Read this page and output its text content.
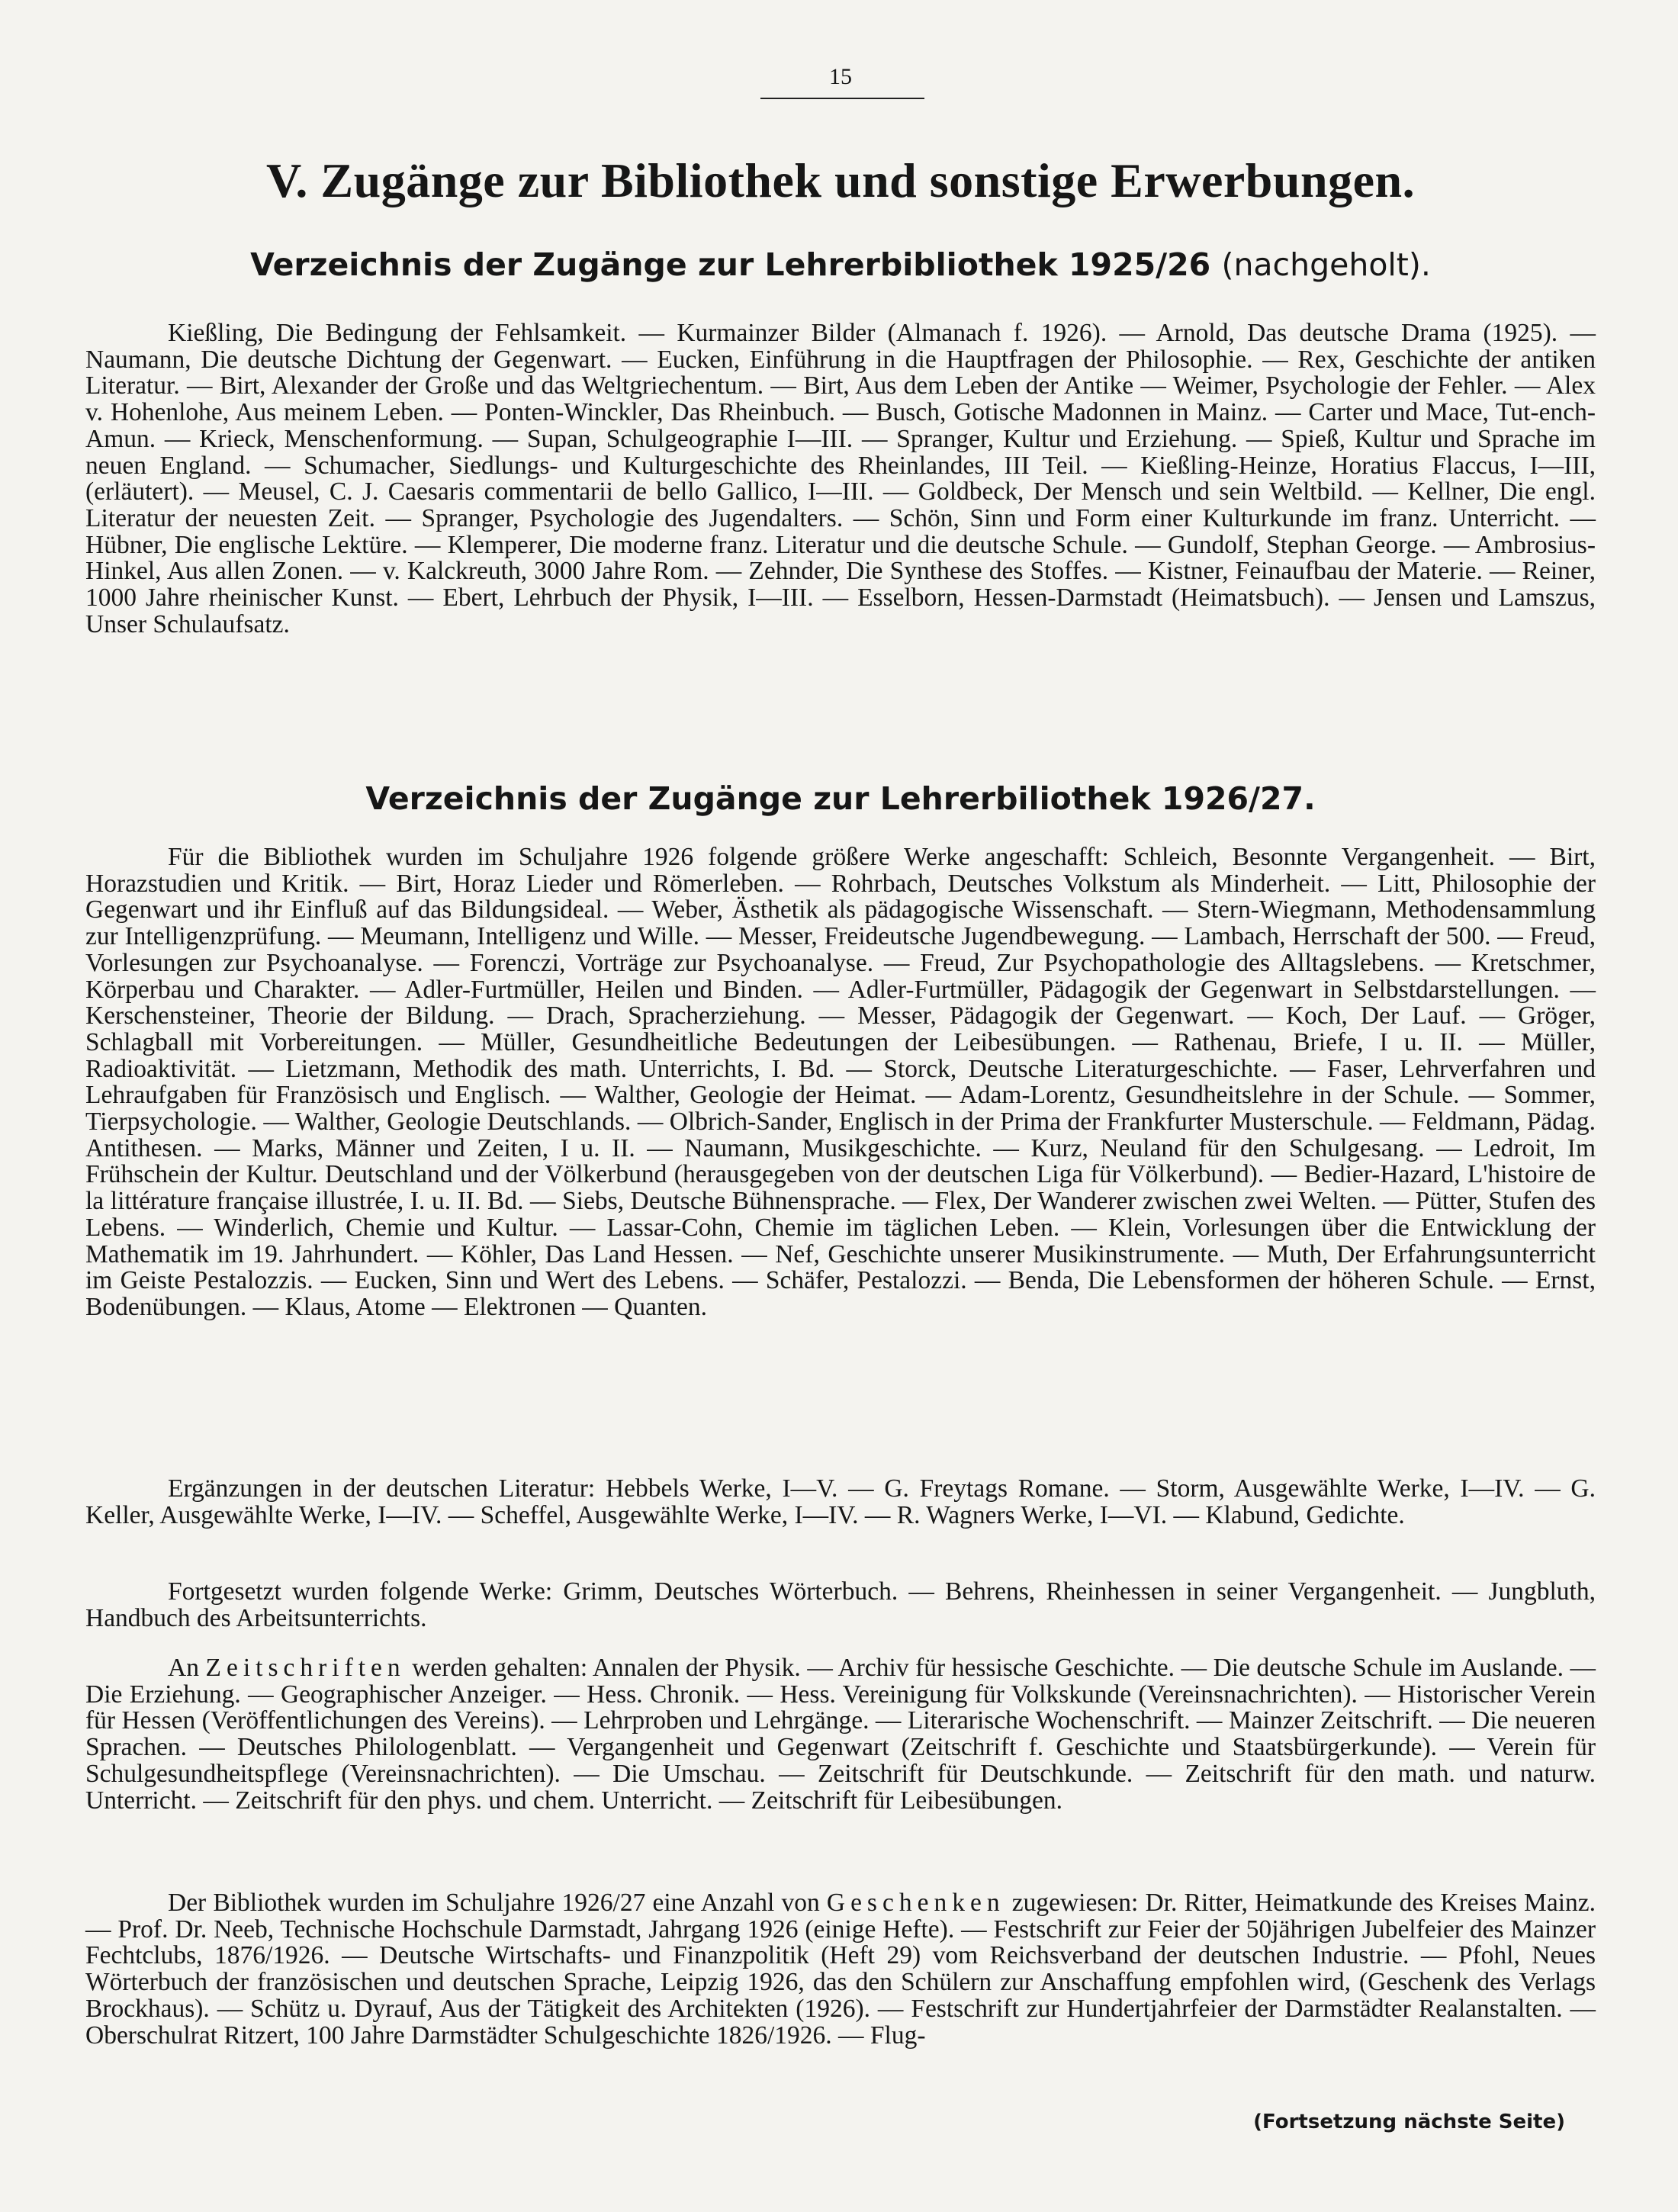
15
V. Zugänge zur Bibliothek und sonstige Erwerbungen.
Verzeichnis der Zugänge zur Lehrerbibliothek 1925/26 (nachgeholt).
Kießling, Die Bedingung der Fehlsamkeit. — Kurmainzer Bilder (Almanach f. 1926). — Arnold, Das deutsche Drama (1925). — Naumann, Die deutsche Dichtung der Gegenwart. — Eucken, Einführung in die Hauptfragen der Philosophie. — Rex, Geschichte der antiken Literatur. — Birt, Alexander der Große und das Weltgriechentum. — Birt, Aus dem Leben der Antike — Weimer, Psychologie der Fehler. — Alex v. Hohenlohe, Aus meinem Leben. — Ponten-Winckler, Das Rheinbuch. — Busch, Gotische Madonnen in Mainz. — Carter und Mace, Tut-ench-Amun. — Krieck, Menschenformung. — Supan, Schulgeographie I—III. — Spranger, Kultur und Erziehung. — Spieß, Kultur und Sprache im neuen England. — Schumacher, Siedlungs- und Kulturgeschichte des Rheinlandes, III Teil. — Kießling-Heinze, Horatius Flaccus, I—III, (erläutert). — Meusel, C. J. Caesaris commentarii de bello Gallico, I—III. — Goldbeck, Der Mensch und sein Weltbild. — Kellner, Die engl. Literatur der neuesten Zeit. — Spranger, Psychologie des Jugendalters. — Schön, Sinn und Form einer Kulturkunde im franz. Unterricht. — Hübner, Die englische Lektüre. — Klemperer, Die moderne franz. Literatur und die deutsche Schule. — Gundolf, Stephan George. — Ambrosius-Hinkel, Aus allen Zonen. — v. Kalckreuth, 3000 Jahre Rom. — Zehnder, Die Synthese des Stoffes. — Kistner, Feinaufbau der Materie. — Reiner, 1000 Jahre rheinischer Kunst. — Ebert, Lehrbuch der Physik, I—III. — Esselborn, Hessen-Darmstadt (Heimatsbuch). — Jensen und Lamszus, Unser Schulaufsatz.
Verzeichnis der Zugänge zur Lehrerbiliothek 1926/27.
Für die Bibliothek wurden im Schuljahre 1926 folgende größere Werke angeschafft: Schleich, Besonnte Vergangenheit. — Birt, Horazstudien und Kritik. — Birt, Horaz Lieder und Römerleben. — Rohrbach, Deutsches Volkstum als Minderheit. — Litt, Philosophie der Gegenwart und ihr Einfluß auf das Bildungsideal. — Weber, Ästhetik als pädagogische Wissenschaft. — Stern-Wiegmann, Methodensammlung zur Intelligenzprüfung. — Meumann, Intelligenz und Wille. — Messer, Freideutsche Jugendbewegung. — Lambach, Herrschaft der 500. — Freud, Vorlesungen zur Psychoanalyse. — Forenczi, Vorträge zur Psychoanalyse. — Freud, Zur Psychopathologie des Alltagslebens. — Kretschmer, Körperbau und Charakter. — Adler-Furtmüller, Heilen und Binden. — Adler-Furtmüller, Pädagogik der Gegenwart in Selbstdarstellungen. — Kerschensteiner, Theorie der Bildung. — Drach, Spracherziehung. — Messer, Pädagogik der Gegenwart. — Koch, Der Lauf. — Gröger, Schlagball mit Vorbereitungen. — Müller, Gesundheitliche Bedeutungen der Leibesübungen. — Rathenau, Briefe, I u. II. — Müller, Radioaktivität. — Lietzmann, Methodik des math. Unterrichts, I. Bd. — Storck, Deutsche Literaturgeschichte. — Faser, Lehrverfahren und Lehraufgaben für Französisch und Englisch. — Walther, Geologie der Heimat. — Adam-Lorentz, Gesundheitslehre in der Schule. — Sommer, Tierpsychologie. — Walther, Geologie Deutschlands. — Olbrich-Sander, Englisch in der Prima der Frankfurter Musterschule. — Feldmann, Pädag. Antithesen. — Marks, Männer und Zeiten, I u. II. — Naumann, Musikgeschichte. — Kurz, Neuland für den Schulgesang. — Ledroit, Im Frühschein der Kultur. Deutschland und der Völkerbund (herausgegeben von der deutschen Liga für Völkerbund). — Bedier-Hazard, L'histoire de la littérature française illustrée, I. u. II. Bd. — Siebs, Deutsche Bühnensprache. — Flex, Der Wanderer zwischen zwei Welten. — Pütter, Stufen des Lebens. — Winderlich, Chemie und Kultur. — Lassar-Cohn, Chemie im täglichen Leben. — Klein, Vorlesungen über die Entwicklung der Mathematik im 19. Jahrhundert. — Köhler, Das Land Hessen. — Nef, Geschichte unserer Musikinstrumente. — Muth, Der Erfahrungsunterricht im Geiste Pestalozzis. — Eucken, Sinn und Wert des Lebens. — Schäfer, Pestalozzi. — Benda, Die Lebensformen der höheren Schule. — Ernst, Bodenübungen. — Klaus, Atome — Elektronen — Quanten.
Ergänzungen in der deutschen Literatur: Hebbels Werke, I—V. — G. Freytags Romane. — Storm, Ausgewählte Werke, I—IV. — G. Keller, Ausgewählte Werke, I—IV. — Scheffel, Ausgewählte Werke, I—IV. — R. Wagners Werke, I—VI. — Klabund, Gedichte.
Fortgesetzt wurden folgende Werke: Grimm, Deutsches Wörterbuch. — Behrens, Rheinhessen in seiner Vergangenheit. — Jungbluth, Handbuch des Arbeitsunterrichts.
An Zeitschriften werden gehalten: Annalen der Physik. — Archiv für hessische Geschichte. — Die deutsche Schule im Auslande. — Die Erziehung. — Geographischer Anzeiger. — Hess. Chronik. — Hess. Vereinigung für Volkskunde (Vereinsnachrichten). — Historischer Verein für Hessen (Veröffentlichungen des Vereins). — Lehrproben und Lehrgänge. — Literarische Wochenschrift. — Mainzer Zeitschrift. — Die neueren Sprachen. — Deutsches Philologenblatt. — Vergangenheit und Gegenwart (Zeitschrift f. Geschichte und Staatsbürgerkunde). — Verein für Schulgesundheitspflege (Vereinsnachrichten). — Die Umschau. — Zeitschrift für Deutschkunde. — Zeitschrift für den math. und naturw. Unterricht. — Zeitschrift für den phys. und chem. Unterricht. — Zeitschrift für Leibesübungen.
Der Bibliothek wurden im Schuljahre 1926/27 eine Anzahl von Geschenken zugewiesen: Dr. Ritter, Heimatkunde des Kreises Mainz. — Prof. Dr. Neeb, Technische Hochschule Darmstadt, Jahrgang 1926 (einige Hefte). — Festschrift zur Feier der 50jährigen Jubelfeier des Mainzer Fechtclubs, 1876/1926. — Deutsche Wirtschafts- und Finanzpolitik (Heft 29) vom Reichsverband der deutschen Industrie. — Pfohl, Neues Wörterbuch der französischen und deutschen Sprache, Leipzig 1926, das den Schülern zur Anschaffung empfohlen wird, (Geschenk des Verlags Brockhaus). — Schütz u. Dyrauf, Aus der Tätigkeit des Architekten (1926). — Festschrift zur Hundertjahrfeier der Darmstädter Realanstalten. — Oberschulrat Ritzert, 100 Jahre Darmstädter Schulgeschichte 1826/1926. — Flug-
(Fortsetzung nächste Seite)
